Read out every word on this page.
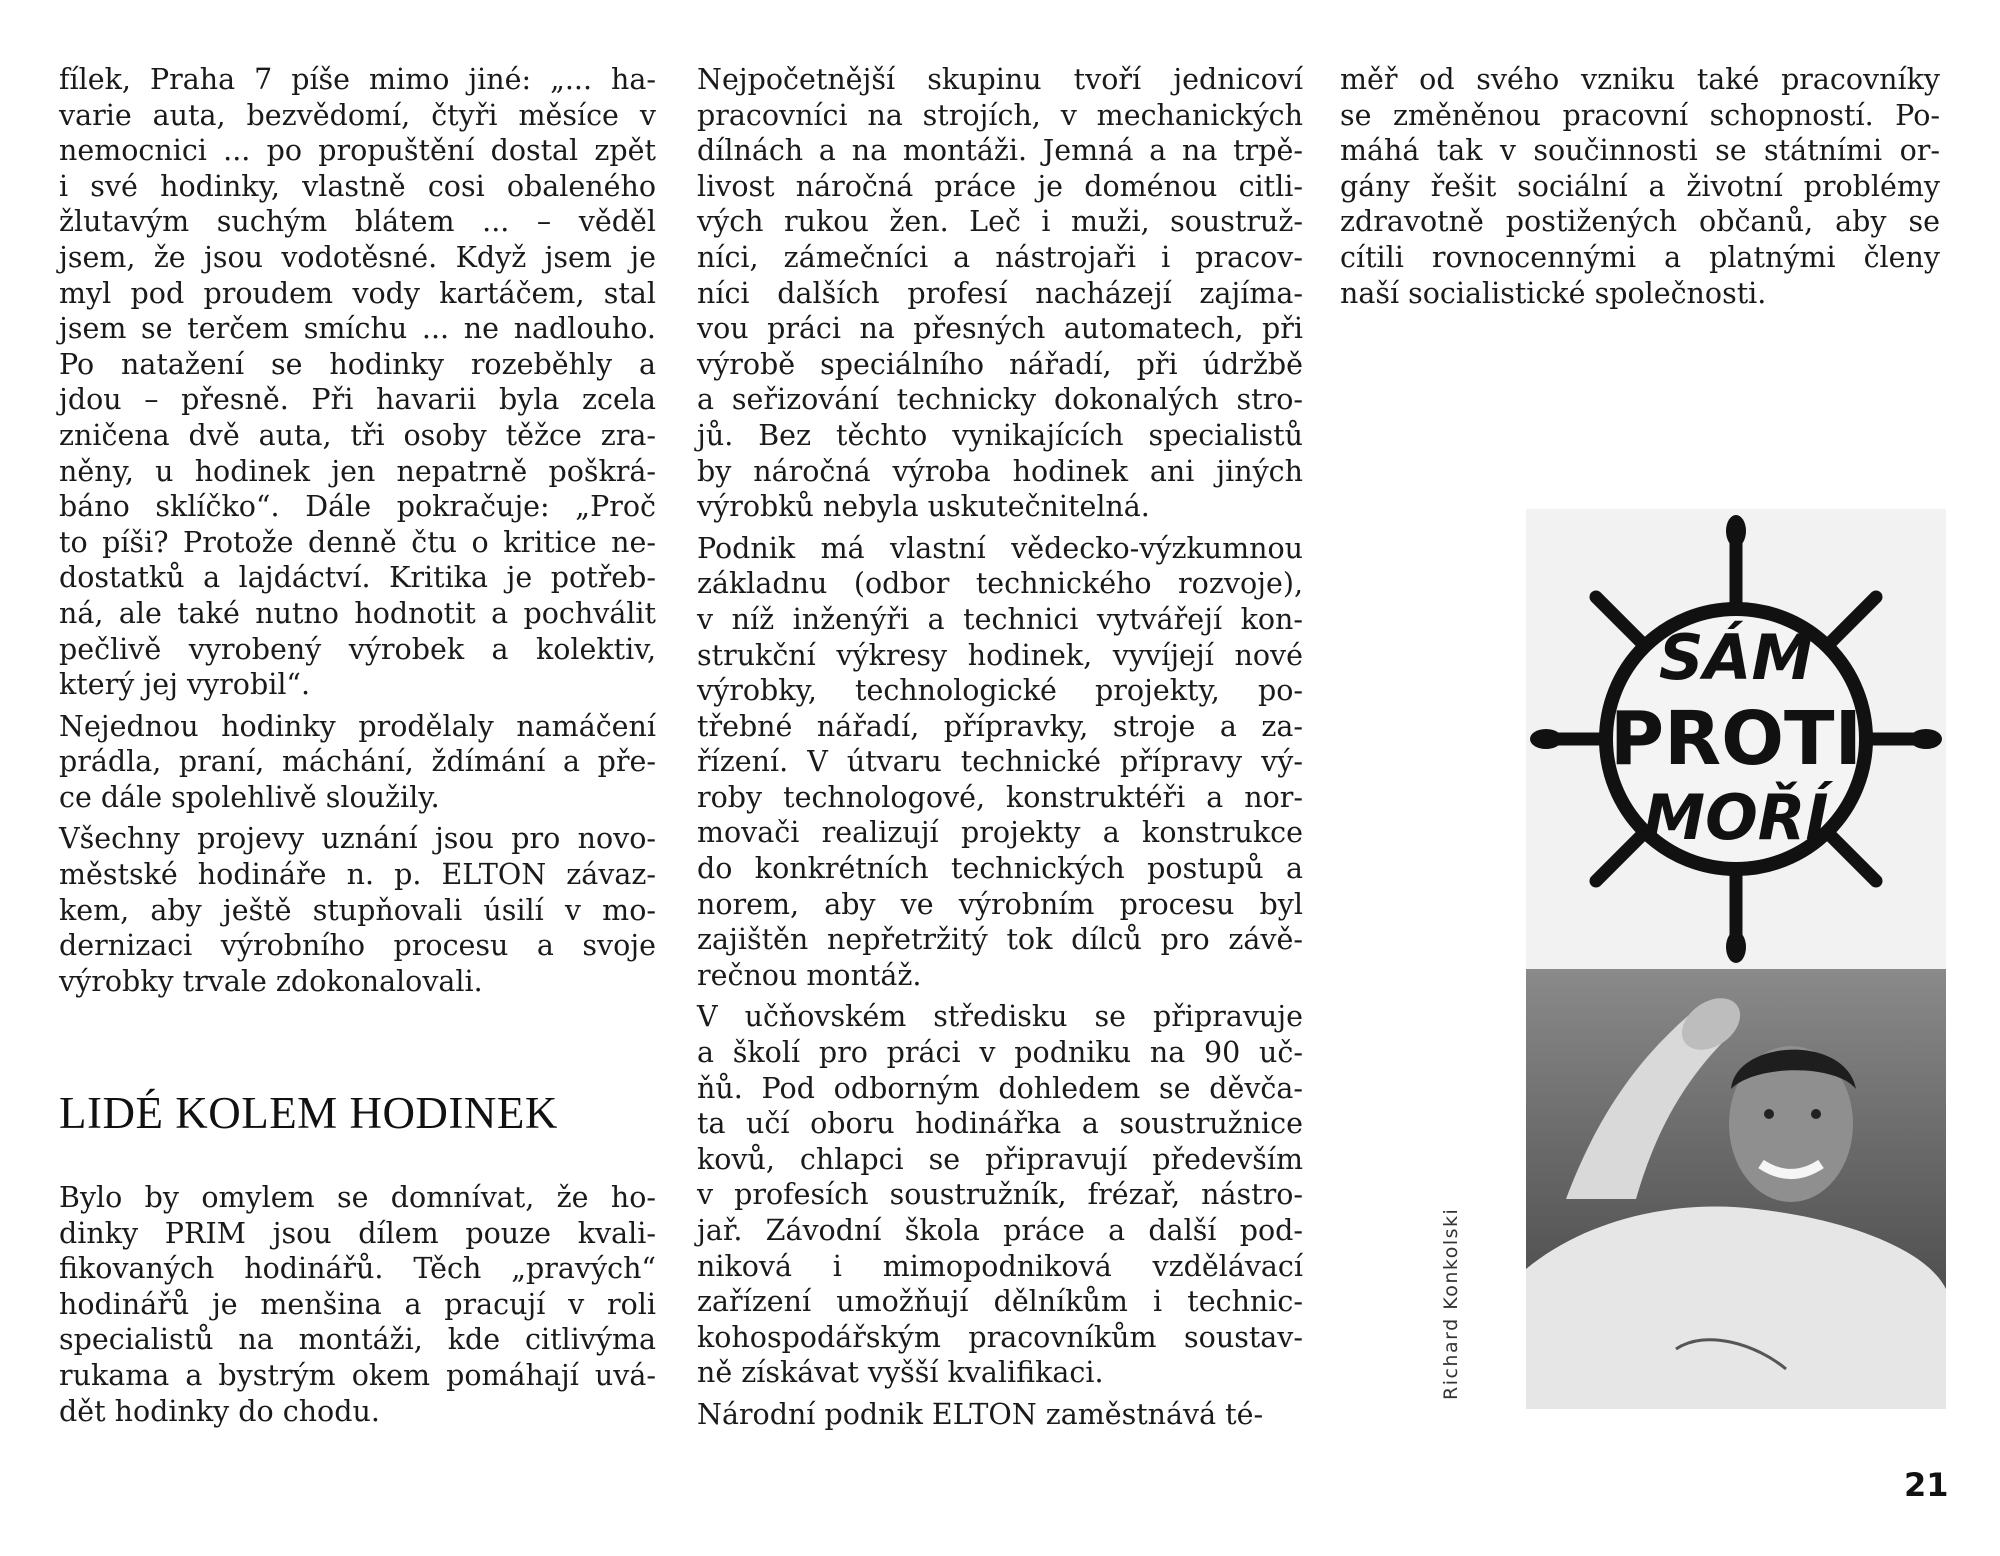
fílek, Praha 7 píše mimo jiné: „... ha-
varie auta, bezvědomí, čtyři měsíce v
nemocnici ... po propuštění dostal zpět
i své hodinky, vlastně cosi obaleného
žlutavým suchým blátem ... – věděl
jsem, že jsou vodotěsné. Když jsem je
myl pod proudem vody kartáčem, stal
jsem se terčem smíchu ... ne nadlouho.
Po natažení se hodinky rozeběhly a
jdou – přesně. Při havarii byla zcela
zničena dvě auta, tři osoby těžce zra-
něny, u hodinek jen nepatrně poškrá-
báno sklíčko“. Dále pokračuje: „Proč
to píši? Protože denně čtu o kritice ne-
dostatků a lajdáctví. Kritika je potřeb-
ná, ale také nutno hodnotit a pochválit
pečlivě vyrobený výrobek a kolektiv,
který jej vyrobil“.
Nejednou hodinky prodělaly namáčení
prádla, praní, máchání, ždímání a pře-
ce dále spolehlivě sloužily.
Všechny projevy uznání jsou pro novo-
městské hodináře n. p. ELTON závaz-
kem, aby ještě stupňovali úsilí v mo-
dernizaci výrobního procesu a svoje
výrobky trvale zdokonalovali.
LIDÉ KOLEM HODINEK
Bylo by omylem se domnívat, že ho-
dinky PRIM jsou dílem pouze kvali-
fikovaných hodinářů. Těch „pravých“
hodinářů je menšina a pracují v roli
specialistů na montáži, kde citlivýma
rukama a bystrým okem pomáhají uvá-
dět hodinky do chodu.
Nejpočetnější skupinu tvoří jednicoví
pracovníci na strojích, v mechanických
dílnách a na montáži. Jemná a na trpě-
livost náročná práce je doménou citli-
vých rukou žen. Leč i muži, soustruž-
níci, zámečníci a nástrojaři i pracov-
níci dalších profesí nacházejí zajíma-
vou práci na přesných automatech, při
výrobě speciálního nářadí, při údržbě
a seřizování technicky dokonalých stro-
jů. Bez těchto vynikajících specialistů
by náročná výroba hodinek ani jiných
výrobků nebyla uskutečnitelná.
Podnik má vlastní vědecko-výzkumnou
základnu (odbor technického rozvoje),
v níž inženýři a technici vytvářejí kon-
strukční výkresy hodinek, vyvíjejí nové
výrobky, technologické projekty, po-
třebné nářadí, přípravky, stroje a za-
řízení. V útvaru technické přípravy vý-
roby technologové, konstruktéři a nor-
movači realizují projekty a konstrukce
do konkrétních technických postupů a
norem, aby ve výrobním procesu byl
zajištěn nepřetržitý tok dílců pro závě-
rečnou montáž.
V učňovském středisku se připravuje
a školí pro práci v podniku na 90 uč-
ňů. Pod odborným dohledem se děvča-
ta učí oboru hodinářka a soustružnice
kovů, chlapci se připravují především
v profesích soustružník, frézař, nástro-
jař. Závodní škola práce a další pod-
niková i mimopodniková vzdělávací
zařízení umožňují dělníkům i technic-
kohospodářským pracovníkům soustav-
ně získávat vyšší kvalifikaci.
Národní podnik ELTON zaměstnává té-
měř od svého vzniku také pracovníky
se změněnou pracovní schopností. Po-
máhá tak v součinnosti se státními or-
gány řešit sociální a životní problémy
zdravotně postižených občanů, aby se
cítili rovnocennými a platnými členy
naší socialistické společnosti.
SÁM
PROTI
MOŘÍ
Richard Konkolski
21
